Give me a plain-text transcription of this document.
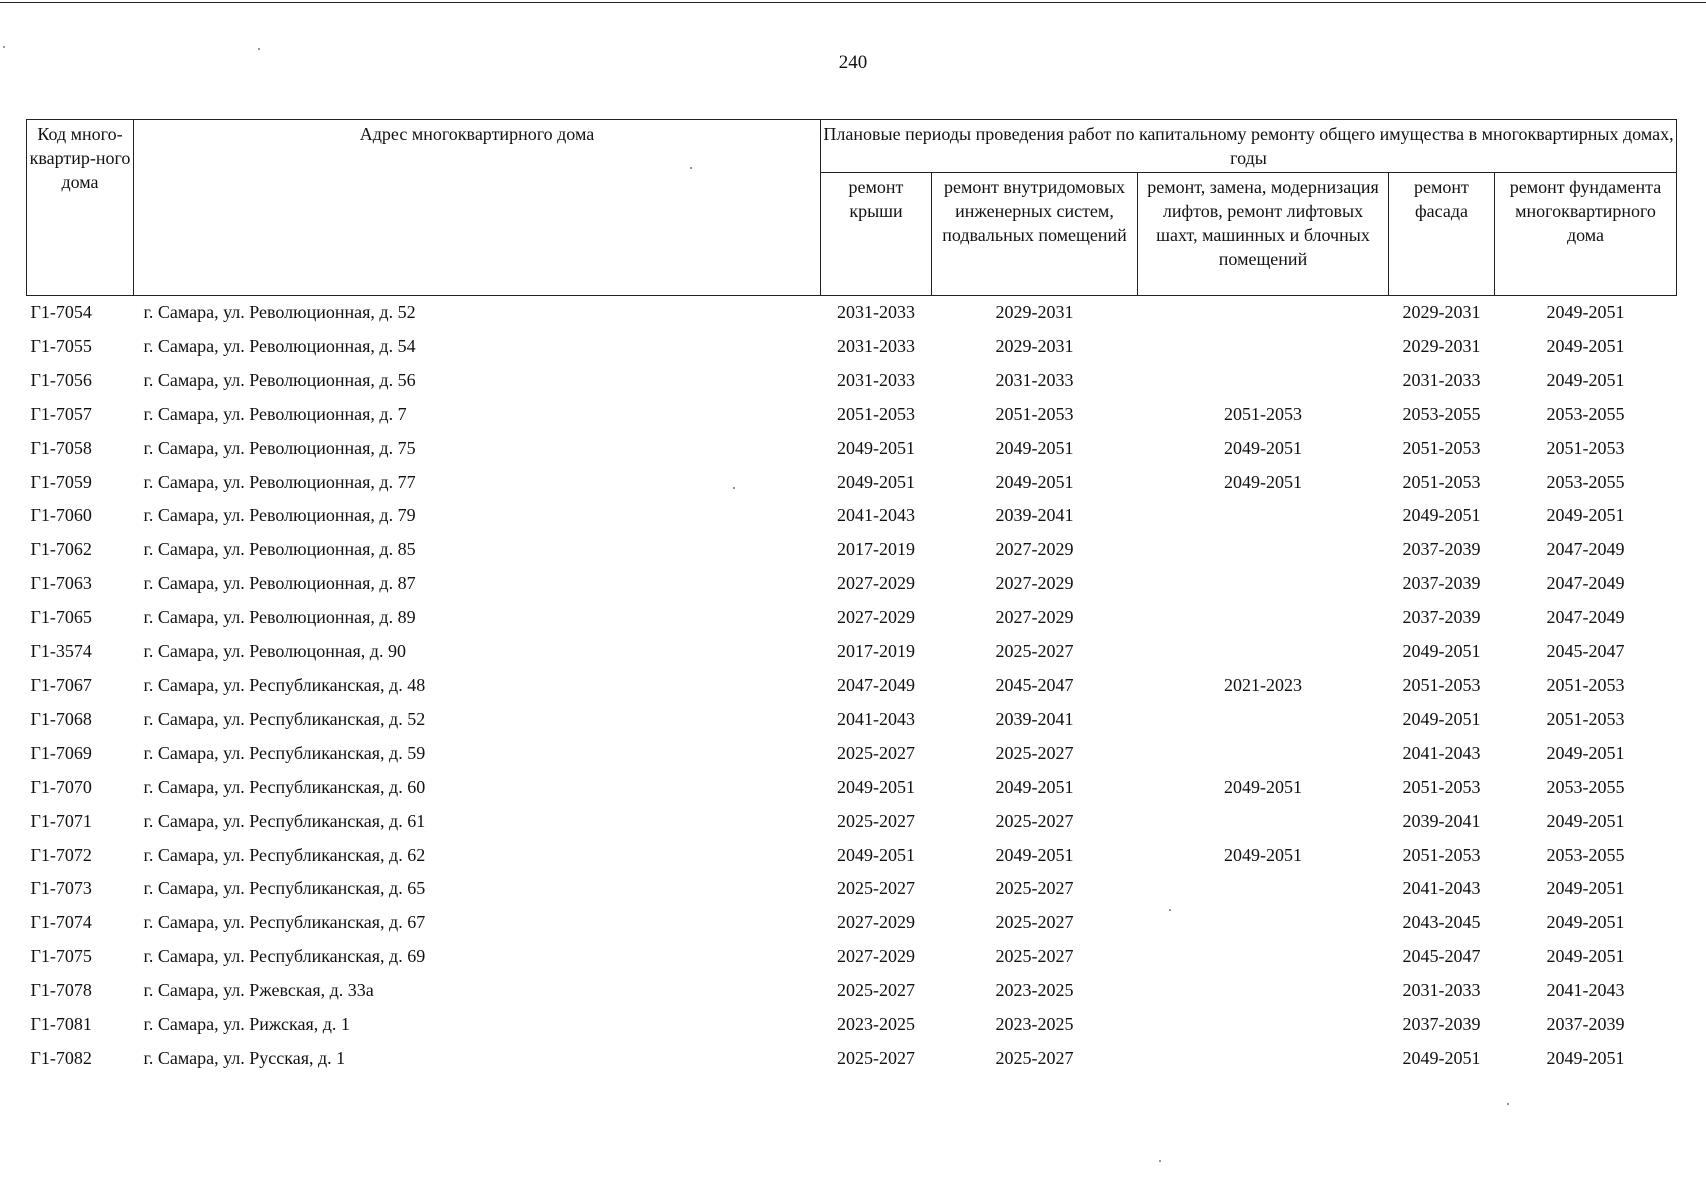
240
Код много-квартир-ного дома	Адрес многоквартирного дома	Плановые периоды проведения работ по капитальному ремонту общего имущества в многоквартирных домах, годы				
		ремонт крыши	ремонт внутридомовых инженерных систем, подвальных помещений	ремонт, замена, модернизация лифтов, ремонт лифтовых шахт, машинных и блочных помещений	ремонт фасада	ремонт фундамента многоквартирного дома
Г1-7054	г. Самара, ул. Революционная, д. 52	2031-2033	2029-2031		2029-2031	2049-2051
Г1-7055	г. Самара, ул. Революционная, д. 54	2031-2033	2029-2031		2029-2031	2049-2051
Г1-7056	г. Самара, ул. Революционная, д. 56	2031-2033	2031-2033		2031-2033	2049-2051
Г1-7057	г. Самара, ул. Революционная, д. 7	2051-2053	2051-2053	2051-2053	2053-2055	2053-2055
Г1-7058	г. Самара, ул. Революционная, д. 75	2049-2051	2049-2051	2049-2051	2051-2053	2051-2053
Г1-7059	г. Самара, ул. Революционная, д. 77	2049-2051	2049-2051	2049-2051	2051-2053	2053-2055
Г1-7060	г. Самара, ул. Революционная, д. 79	2041-2043	2039-2041		2049-2051	2049-2051
Г1-7062	г. Самара, ул. Революционная, д. 85	2017-2019	2027-2029		2037-2039	2047-2049
Г1-7063	г. Самара, ул. Революционная, д. 87	2027-2029	2027-2029		2037-2039	2047-2049
Г1-7065	г. Самара, ул. Революционная, д. 89	2027-2029	2027-2029		2037-2039	2047-2049
Г1-3574	г. Самара, ул. Революцонная, д. 90	2017-2019	2025-2027		2049-2051	2045-2047
Г1-7067	г. Самара, ул. Республиканская, д. 48	2047-2049	2045-2047	2021-2023	2051-2053	2051-2053
Г1-7068	г. Самара, ул. Республиканская, д. 52	2041-2043	2039-2041		2049-2051	2051-2053
Г1-7069	г. Самара, ул. Республиканская, д. 59	2025-2027	2025-2027		2041-2043	2049-2051
Г1-7070	г. Самара, ул. Республиканская, д. 60	2049-2051	2049-2051	2049-2051	2051-2053	2053-2055
Г1-7071	г. Самара, ул. Республиканская, д. 61	2025-2027	2025-2027		2039-2041	2049-2051
Г1-7072	г. Самара, ул. Республиканская, д. 62	2049-2051	2049-2051	2049-2051	2051-2053	2053-2055
Г1-7073	г. Самара, ул. Республиканская, д. 65	2025-2027	2025-2027		2041-2043	2049-2051
Г1-7074	г. Самара, ул. Республиканская, д. 67	2027-2029	2025-2027		2043-2045	2049-2051
Г1-7075	г. Самара, ул. Республиканская, д. 69	2027-2029	2025-2027		2045-2047	2049-2051
Г1-7078	г. Самара, ул. Ржевская, д. 33а	2025-2027	2023-2025		2031-2033	2041-2043
Г1-7081	г. Самара, ул. Рижская, д. 1	2023-2025	2023-2025		2037-2039	2037-2039
Г1-7082	г. Самара, ул. Русская, д. 1	2025-2027	2025-2027		2049-2051	2049-2051
